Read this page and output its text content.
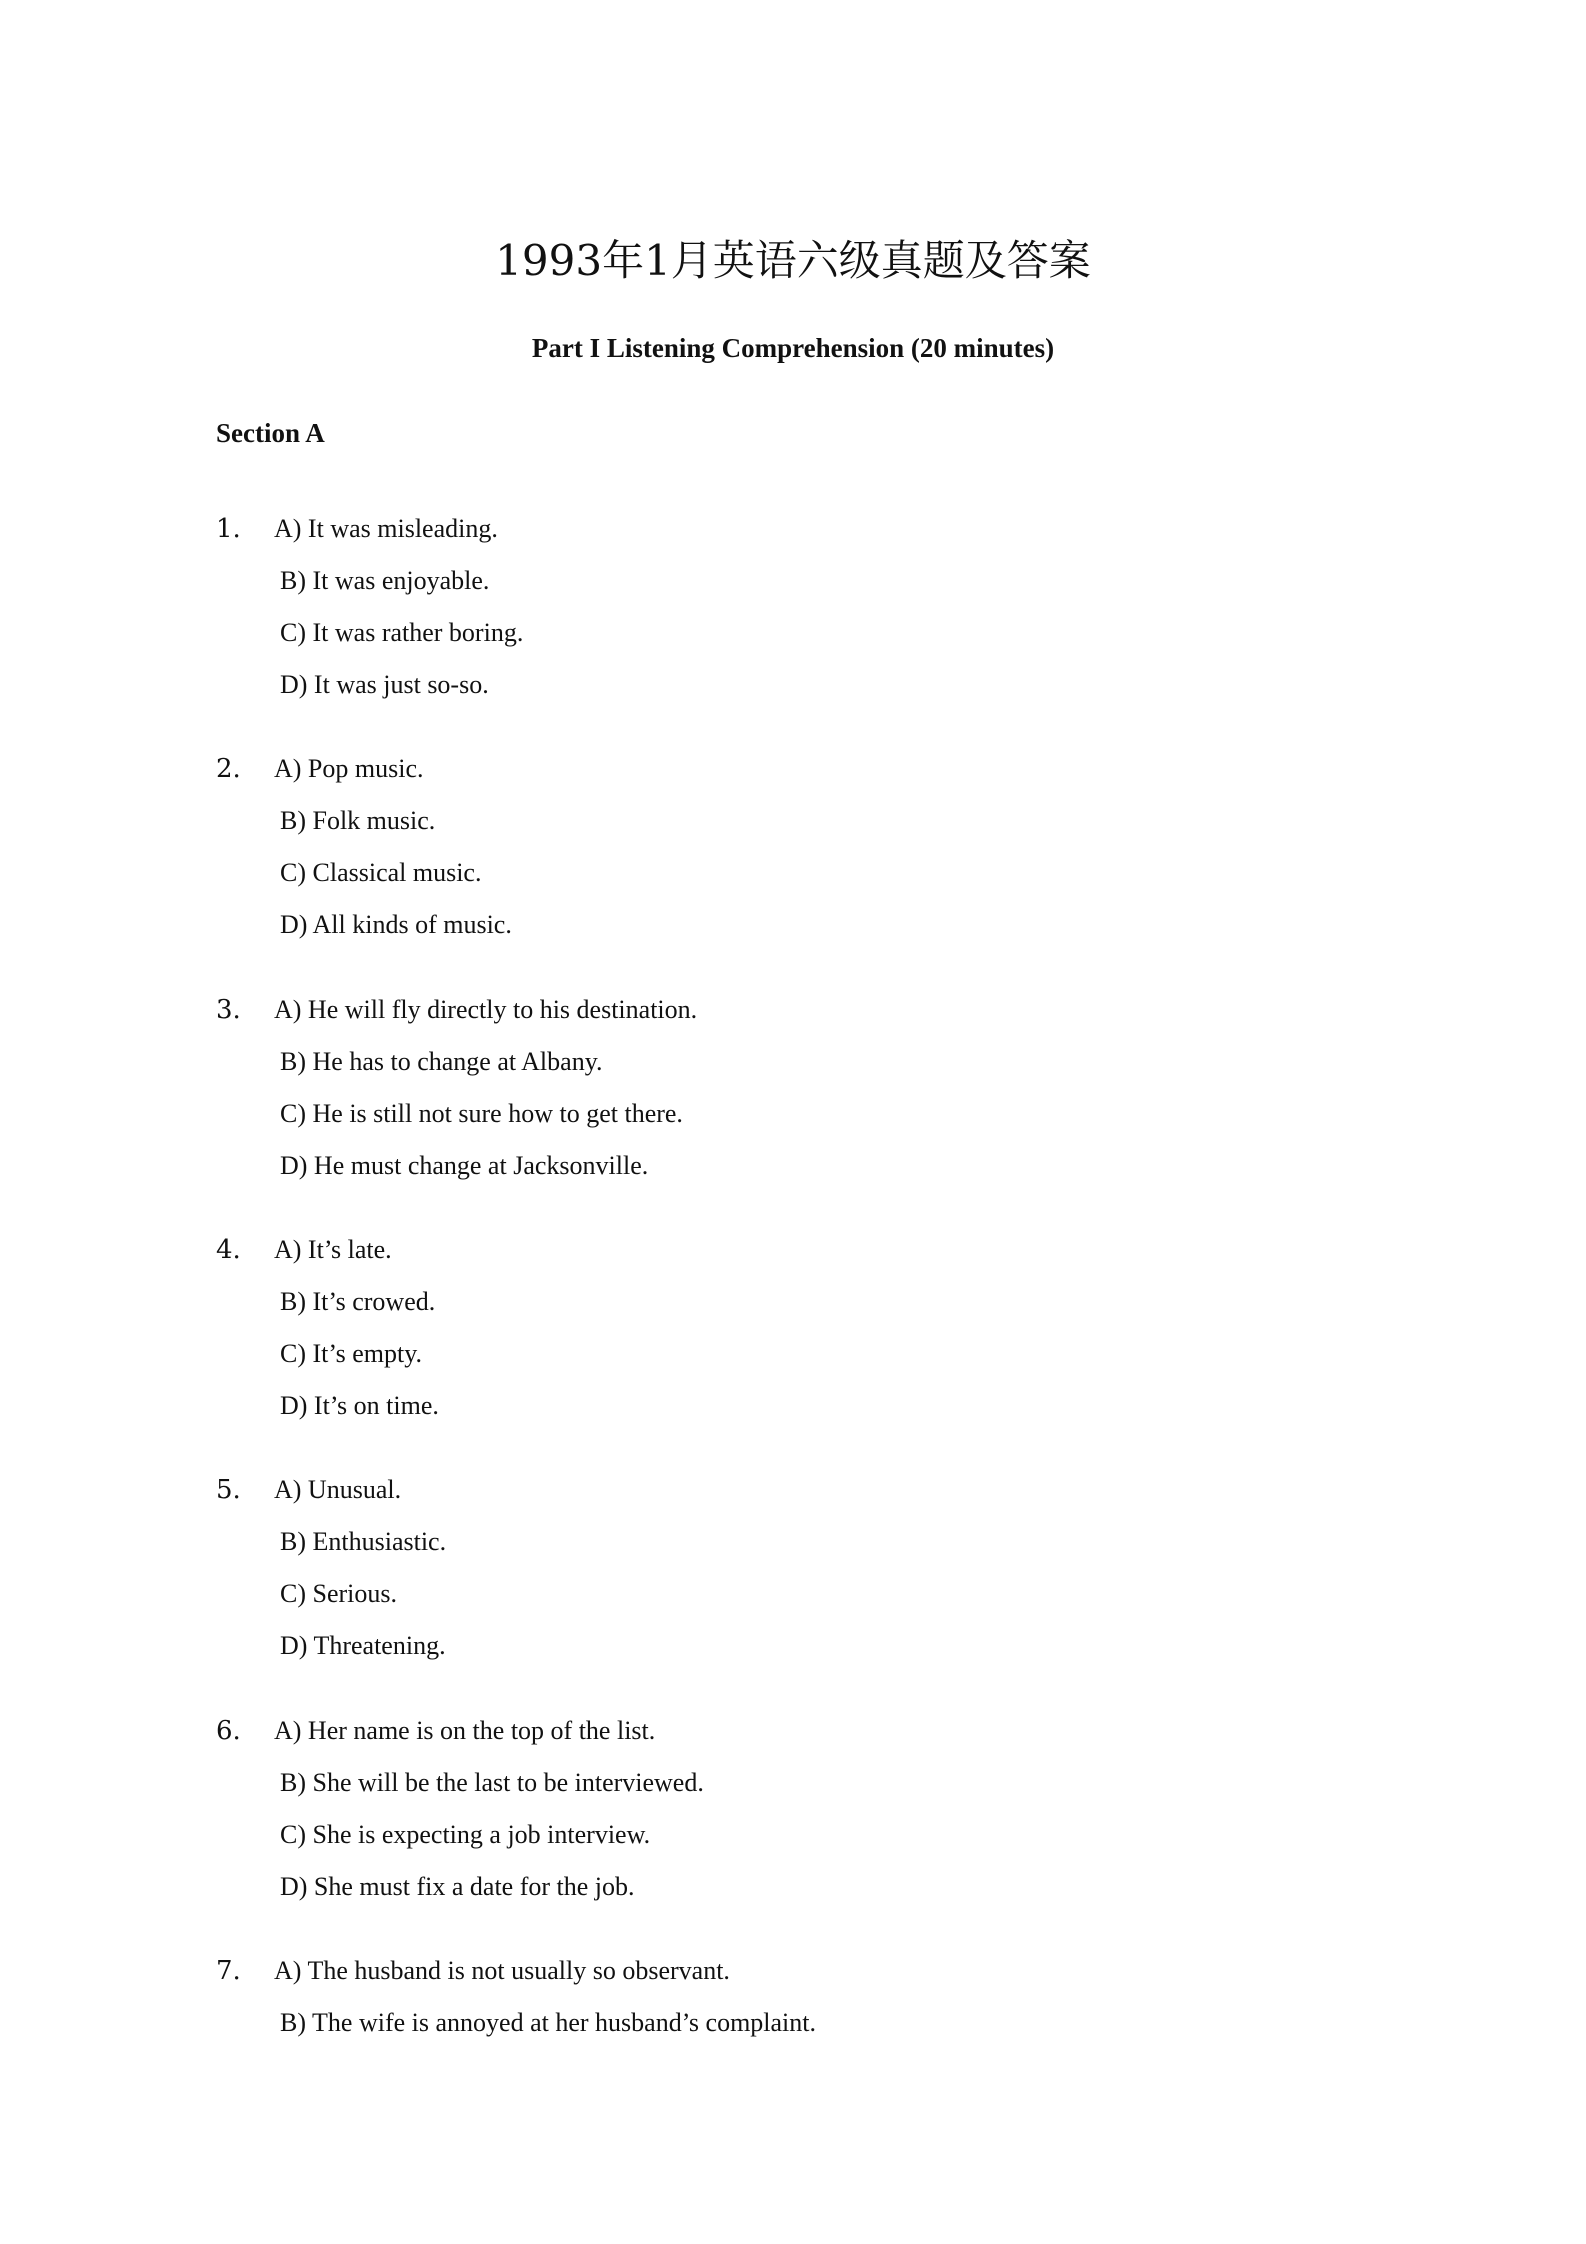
1993年1月英语六级真题及答案
Part I Listening Comprehension (20 minutes)
Section A
1. A) It was misleading.
B) It was enjoyable.
C) It was rather boring.
D) It was just so-so.
2. A) Pop music.
B) Folk music.
C) Classical music.
D) All kinds of music.
3. A) He will fly directly to his destination.
B) He has to change at Albany.
C) He is still not sure how to get there.
D) He must change at Jacksonville.
4. A) It’s late.
B) It’s crowed.
C) It’s empty.
D) It’s on time.
5. A) Unusual.
B) Enthusiastic.
C) Serious.
D) Threatening.
6. A) Her name is on the top of the list.
B) She will be the last to be interviewed.
C) She is expecting a job interview.
D) She must fix a date for the job.
7. A) The husband is not usually so observant.
B) The wife is annoyed at her husband’s complaint.
